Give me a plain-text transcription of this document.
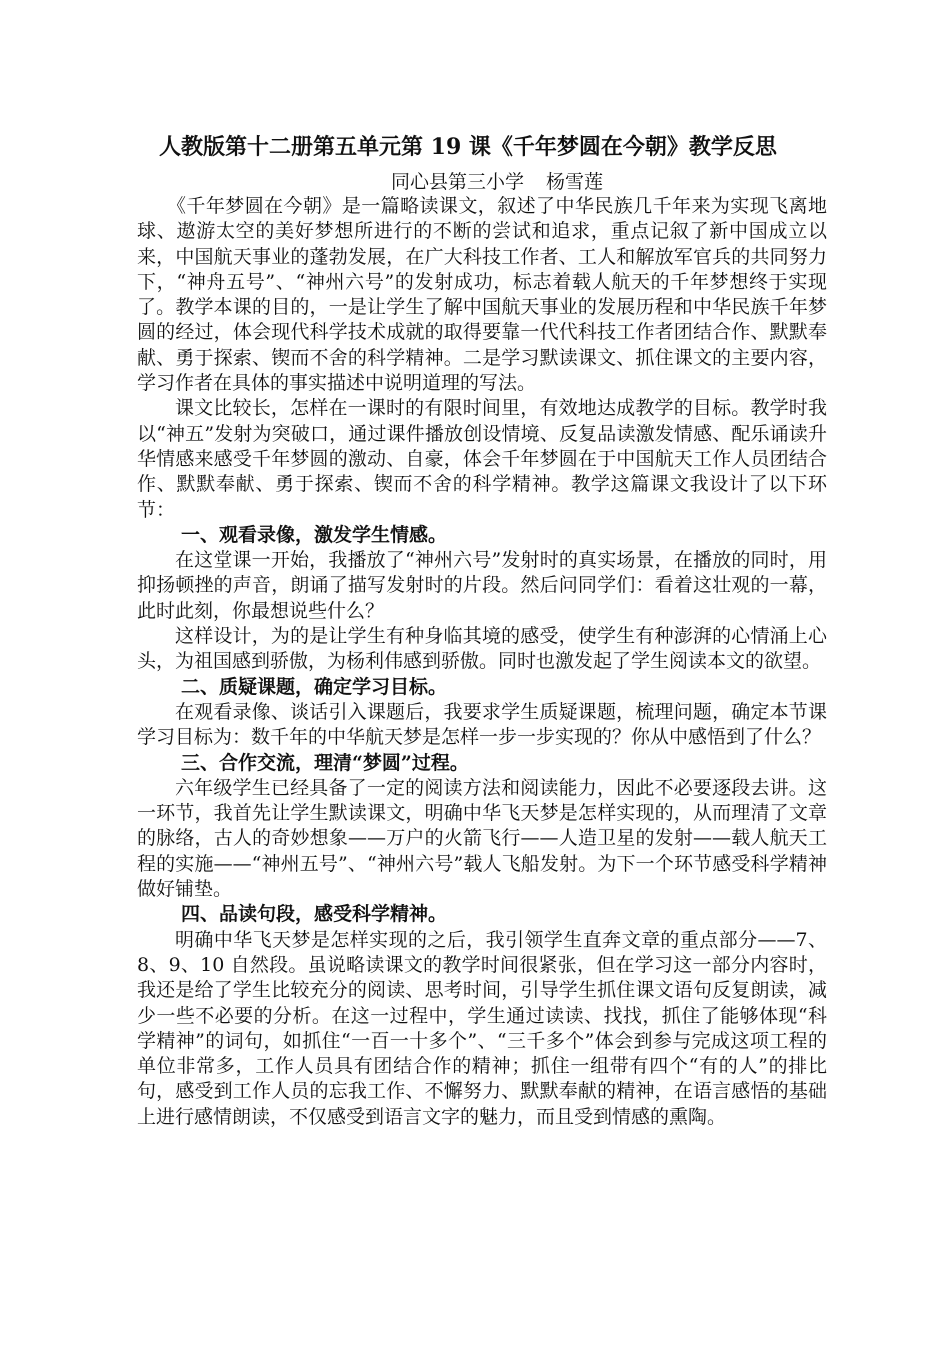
人教版第十二册第五单元第 19 课《千年梦圆在今朝》教学反思
同心县第三小学 杨雪莲

《千年梦圆在今朝》是一篇略读课文，叙述了中华民族几千年来为实现飞离地球、遨游太空的美好梦想所进行的不断的尝试和追求，重点记叙了新中国成立以来，中国航天事业的蓬勃发展，在广大科技工作者、工人和解放军官兵的共同努力下，“神舟五号”、“神州六号”的发射成功，标志着载人航天的千年梦想终于实现了。教学本课的目的，一是让学生了解中国航天事业的发展历程和中华民族千年梦圆的经过，体会现代科学技术成就的取得要靠一代代科技工作者团结合作、默默奉献、勇于探索、锲而不舍的科学精神。二是学习默读课文、抓住课文的主要内容，学习作者在具体的事实描述中说明道理的写法。

课文比较长，怎样在一课时的有限时间里，有效地达成教学的目标。教学时我以“神五”发射为突破口，通过课件播放创设情境、反复品读激发情感、配乐诵读升华情感来感受千年梦圆的激动、自豪，体会千年梦圆在于中国航天工作人员团结合作、默默奉献、勇于探索、锲而不舍的科学精神。教学这篇课文我设计了以下环节：

一、观看录像，激发学生情感。

在这堂课一开始，我播放了“神州六号”发射时的真实场景，在播放的同时，用抑扬顿挫的声音，朗诵了描写发射时的片段。然后问同学们：看着这壮观的一幕，此时此刻，你最想说些什么？

这样设计，为的是让学生有种身临其境的感受，使学生有种澎湃的心情涌上心头，为祖国感到骄傲，为杨利伟感到骄傲。同时也激发起了学生阅读本文的欲望。

二、质疑课题，确定学习目标。

在观看录像、谈话引入课题后，我要求学生质疑课题，梳理问题，确定本节课学习目标为：数千年的中华航天梦是怎样一步一步实现的？你从中感悟到了什么？

三、合作交流，理清“梦圆”过程。

六年级学生已经具备了一定的阅读方法和阅读能力，因此不必要逐段去讲。这一环节，我首先让学生默读课文，明确中华飞天梦是怎样实现的，从而理清了文章的脉络，古人的奇妙想象——万户的火箭飞行——人造卫星的发射——载人航天工程的实施——“神州五号”、“神州六号”载人飞船发射。为下一个环节感受科学精神做好铺垫。

四、品读句段，感受科学精神。

明确中华飞天梦是怎样实现的之后，我引领学生直奔文章的重点部分——7、8、9、10 自然段。虽说略读课文的教学时间很紧张，但在学习这一部分内容时，我还是给了学生比较充分的阅读、思考时间，引导学生抓住课文语句反复朗读，减少一些不必要的分析。在这一过程中，学生通过读读、找找，抓住了能够体现“科学精神”的词句，如抓住“一百一十多个”、“三千多个”体会到参与完成这项工程的单位非常多，工作人员具有团结合作的精神；抓住一组带有四个“有的人”的排比句，感受到工作人员的忘我工作、不懈努力、默默奉献的精神，在语言感悟的基础上进行感情朗读，不仅感受到语言文字的魅力，而且受到情感的熏陶。
